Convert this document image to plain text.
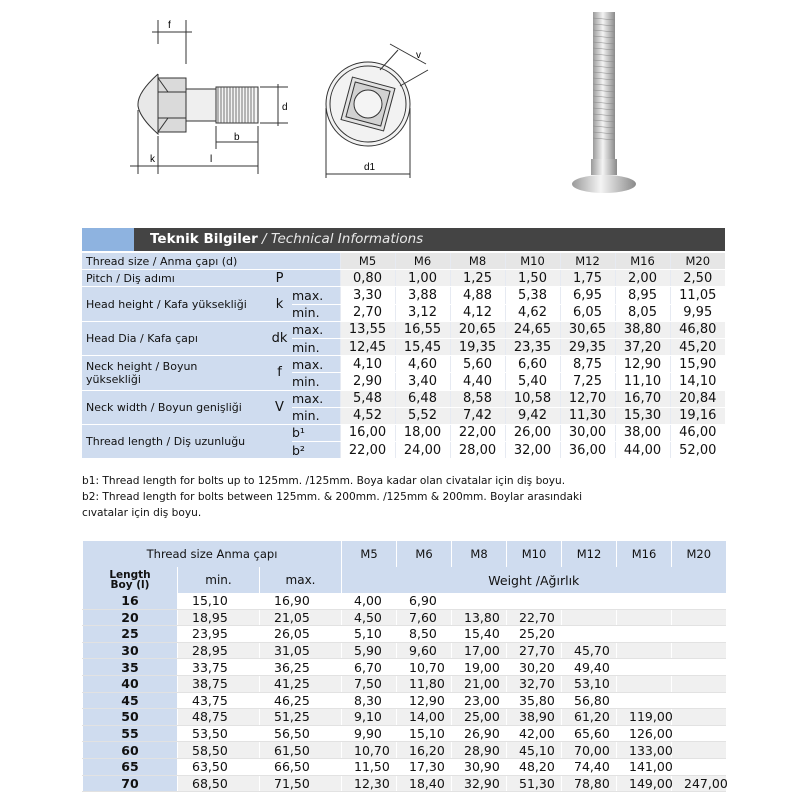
f
d
b
k	l
v
d1
Teknik Bilgiler / Technical Informations
Thread size / Anma çapı (d)			M5	M6	M8	M10	M12	M16	M20
Pitch / Diş adımı	P		0,80	1,00	1,25	1,50	1,75	2,00	2,50
Head height / Kafa yüksekliği	k	max.	3,30	3,88	4,88	5,38	6,95	8,95	11,05
		min.	2,70	3,12	4,12	4,62	6,05	8,05	9,95
Head Dia / Kafa çapı	dk	max.	13,55	16,55	20,65	24,65	30,65	38,80	46,80
		min.	12,45	15,45	19,35	23,35	29,35	37,20	45,20
Neck height / Boyun
yüksekliği	f	max.	4,10	4,60	5,60	6,60	8,75	12,90	15,90
		min.	2,90	3,40	4,40	5,40	7,25	11,10	14,10
Neck width / Boyun genişliği	V	max.	5,48	6,48	8,58	10,58	12,70	16,70	20,84
		min.	4,52	5,52	7,42	9,42	11,30	15,30	19,16
Thread length / Diş uzunluğu		b¹	16,00	18,00	22,00	26,00	30,00	38,00	46,00
		b²	22,00	24,00	28,00	32,00	36,00	44,00	52,00
b1: Thread length for bolts up to 125mm. /125mm. Boya kadar olan civatalar için diş boyu.
b2: Thread length for bolts between 125mm. & 200mm. /125mm & 200mm. Boylar arasındaki
cıvatalar için diş boyu.
Thread size Anma çapı			M5	M6	M8	M10	M12	M16	M20
Length
Boy (l)	min.	max.	Weight /Ağırlık						
16	15,10	16,90	4,00	6,90					
20	18,95	21,05	4,50	7,60	13,80	22,70			
25	23,95	26,05	5,10	8,50	15,40	25,20			
30	28,95	31,05	5,90	9,60	17,00	27,70	45,70		
35	33,75	36,25	6,70	10,70	19,00	30,20	49,40		
40	38,75	41,25	7,50	11,80	21,00	32,70	53,10		
45	43,75	46,25	8,30	12,90	23,00	35,80	56,80		
50	48,75	51,25	9,10	14,00	25,00	38,90	61,20	119,00	
55	53,50	56,50	9,90	15,10	26,90	42,00	65,60	126,00	
60	58,50	61,50	10,70	16,20	28,90	45,10	70,00	133,00	
65	63,50	66,50	11,50	17,30	30,90	48,20	74,40	141,00	
70	68,50	71,50	12,30	18,40	32,90	51,30	78,80	149,00	247,00
